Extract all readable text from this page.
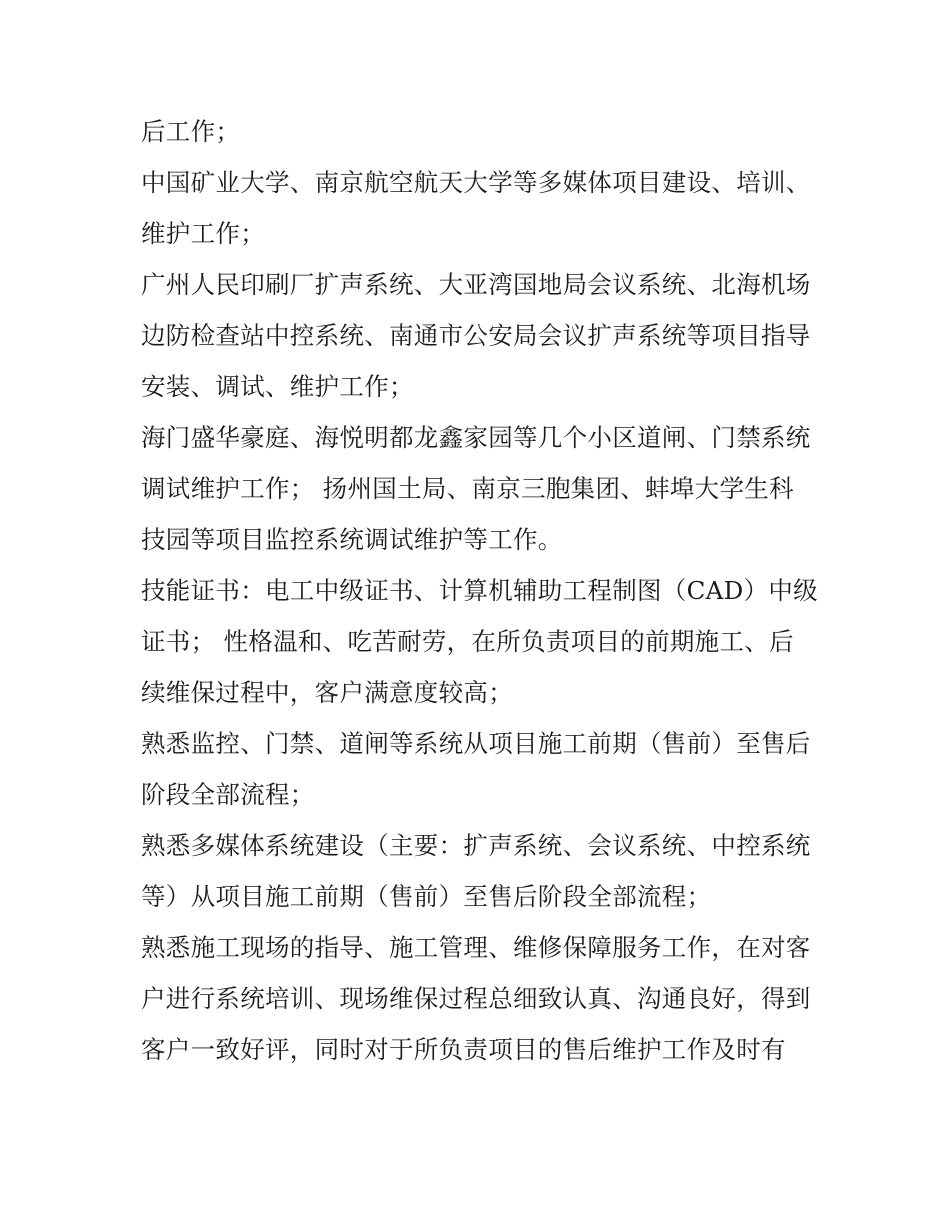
后工作；
中国矿业大学、南京航空航天大学等多媒体项目建设、培训、
维护工作；
广州人民印刷厂扩声系统、大亚湾国地局会议系统、北海机场
边防检查站中控系统、南通市公安局会议扩声系统等项目指导
安装、调试、维护工作；
海门盛华豪庭、海悦明都龙鑫家园等几个小区道闸、门禁系统
调试维护工作； 扬州国土局、南京三胞集团、蚌埠大学生科
技园等项目监控系统调试维护等工作。
技能证书：电工中级证书、计算机辅助工程制图（CAD）中级
证书； 性格温和、吃苦耐劳，在所负责项目的前期施工、后
续维保过程中，客户满意度较高；
熟悉监控、门禁、道闸等系统从项目施工前期（售前）至售后
阶段全部流程；
熟悉多媒体系统建设（主要：扩声系统、会议系统、中控系统
等）从项目施工前期（售前）至售后阶段全部流程；
熟悉施工现场的指导、施工管理、维修保障服务工作，在对客
户进行系统培训、现场维保过程总细致认真、沟通良好，得到
客户一致好评，同时对于所负责项目的售后维护工作及时有
